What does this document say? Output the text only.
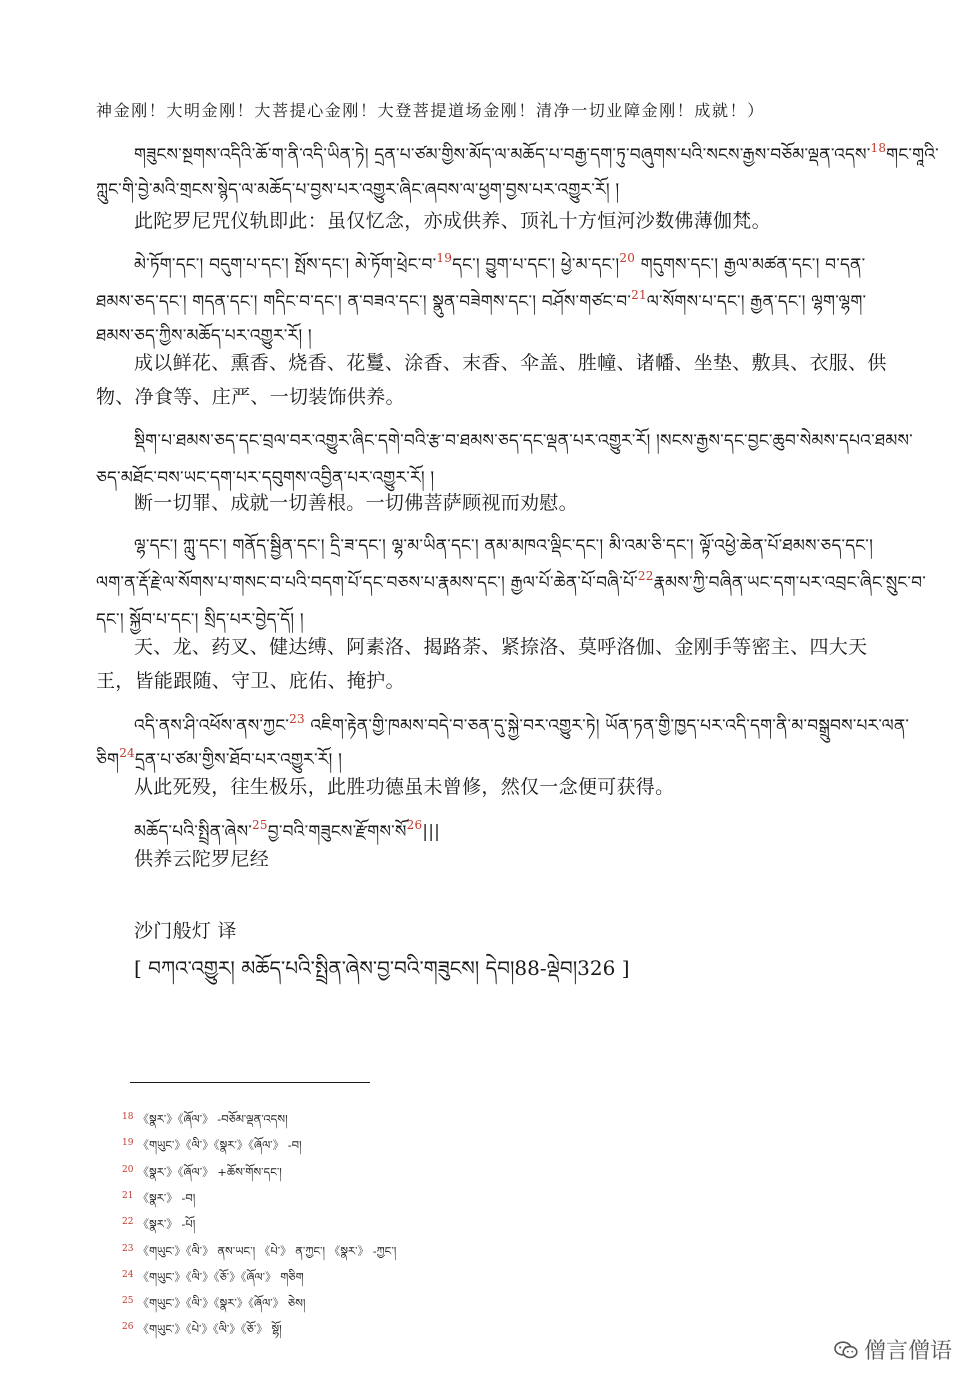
神金刚！大明金刚！大菩提心金刚！大登菩提道场金刚！清净一切业障金刚！成就！）
གཟུངས་སྔགས་འདིའི་ཆོ་ག་ནི་འདི་ཡིན་ཏེ། དྲན་པ་ཙམ་གྱིས་མོད་ལ་མཆོད་པ་བརྒྱ་དག་ཏུ་བཞུགས་པའི་སངས་རྒྱས་བཅོམ་ལྡན་འདས་$^{18}$གང་གཱའི་
ཀླུང་གི་བྱེ་མའི་གྲངས་སྙེད་ལ་མཆོད་པ་བྱས་པར་འགྱུར་ཞིང་ཞབས་ལ་ཕྱག་བྱས་པར་འགྱུར་རོ། །
此陀罗尼咒仪轨即此：虽仅忆念，亦成供养、顶礼十方恒河沙数佛薄伽梵。
མེ་ཏོག་དང་། བདུག་པ་དང་། སྤོས་དང་། མེ་ཏོག་ཕྲེང་བ་$^{19}$དང་། བྱུག་པ་དང་། ཕྱེ་མ་དང་།$^{20}$ གདུགས་དང་། རྒྱལ་མཚན་དང་། བ་དན་
ཐམས་ཅད་དང་། གདན་དང་། གདིང་བ་དང་། ན་བཟའ་དང་། སྣུན་བཟེགས་དང་། བཤོས་གཙང་བ་$^{21}$ལ་སོགས་པ་དང་། རྒྱན་དང་། ལྷག་ལྷག་
ཐམས་ཅད་ཀྱིས་མཆོད་པར་འགྱུར་རོ། །
成以鲜花、熏香、烧香、花鬘、涂香、末香、伞盖、胜幢、诸幡、坐垫、敷具、衣服、供
物、净食等、庄严、一切装饰供养。
སྡིག་པ་ཐམས་ཅད་དང་བྲལ་བར་འགྱུར་ཞིང་དགེ་བའི་རྩ་བ་ཐམས་ཅད་དང་ལྡན་པར་འགྱུར་རོ། །སངས་རྒྱས་དང་བྱང་ཆུབ་སེམས་དཔའ་ཐམས་
ཅད་མཐོང་བས་ཡང་དག་པར་དབུགས་འབྱིན་པར་འགྱུར་རོ། །
断一切罪、成就一切善根。一切佛菩萨顾视而劝慰。
ལྷ་དང་། ཀླུ་དང་། གནོད་སྦྱིན་དང་། དྲི་ཟ་དང་། ལྷ་མ་ཡིན་དང་། ནམ་མཁའ་ལྡིང་དང་། མི་འམ་ཅི་དང་། ལྟོ་འཕྱེ་ཆེན་པོ་ཐམས་ཅད་དང་།
ལག་ན་རྡོ་རྗེ་ལ་སོགས་པ་གསང་བ་པའི་བདག་པོ་དང་བཅས་པ་རྣམས་དང་། རྒྱལ་པོ་ཆེན་པོ་བཞི་པོ་$^{22}$རྣམས་ཀྱི་བཞིན་ཡང་དག་པར་འབྲང་ཞིང་སྲུང་བ་
དང་། སྐྱོབ་པ་དང་། སྲིད་པར་བྱེད་དོ། །
天、龙、药叉、健达缚、阿素洛、揭路荼、紧捺洛、莫呼洛伽、金刚手等密主、四大天
王，皆能跟随、守卫、庇佑、掩护。
འདི་ནས་ཤི་འཕོས་ནས་ཀྱང་$^{23}$ འཇིག་རྟེན་གྱི་ཁམས་བདེ་བ་ཅན་དུ་སྐྱེ་བར་འགྱུར་ཏེ། ཡོན་ཏན་གྱི་ཁྱད་པར་འདི་དག་ནི་མ་བསྒྲུབས་པར་ལན་
ཅིག$^{24}$དྲན་པ་ཙམ་གྱིས་ཐོབ་པར་འགྱུར་རོ། །
从此死殁，往生极乐，此胜功德虽未曾修，然仅一念便可获得。
མཆོད་པའི་སྤྲིན་ཞེས་$^{25}$བྱ་བའི་གཟུངས་རྫོགས་སོ$^{26}$|||
供养云陀罗尼经
沙门般灯 译
[ བཀའ་འགྱུར། མཆོད་པའི་སྤྲིན་ཞེས་བྱ་བའི་གཟུངས། དེབ།88-ལྡེབ།326 ]
$^{18}$ 《སྣར་》《ཞོལ་》 -བཅོམ་ལྡན་འདས།
$^{19}$ 《གཡུང་》《ལི་》《སྣར་》《ཞོལ་》 -བ།
$^{20}$ 《སྣར་》《ཞོལ་》 +ཆོས་གོས་དང་།
$^{21}$ 《སྣར་》 -བ།
$^{22}$ 《སྣར་》 -པོ།
$^{23}$ 《གཡུང་》《ལི་》 ནས་ཡང་། 《པེ་》 ན་ཀྱང་། 《སྣར་》 -ཀྱང་།
$^{24}$ 《གཡུང་》《ལི་》《ཅོ་》《ཞོལ་》 གཅིག
$^{25}$ 《གཡུང་》《ལི་》《སྣར་》《ཞོལ་》 ཅེས།
$^{26}$ 《གཡུང་》《པེ་》《ལི་》《ཅོ་》 སྷོ།
僧言僧语
